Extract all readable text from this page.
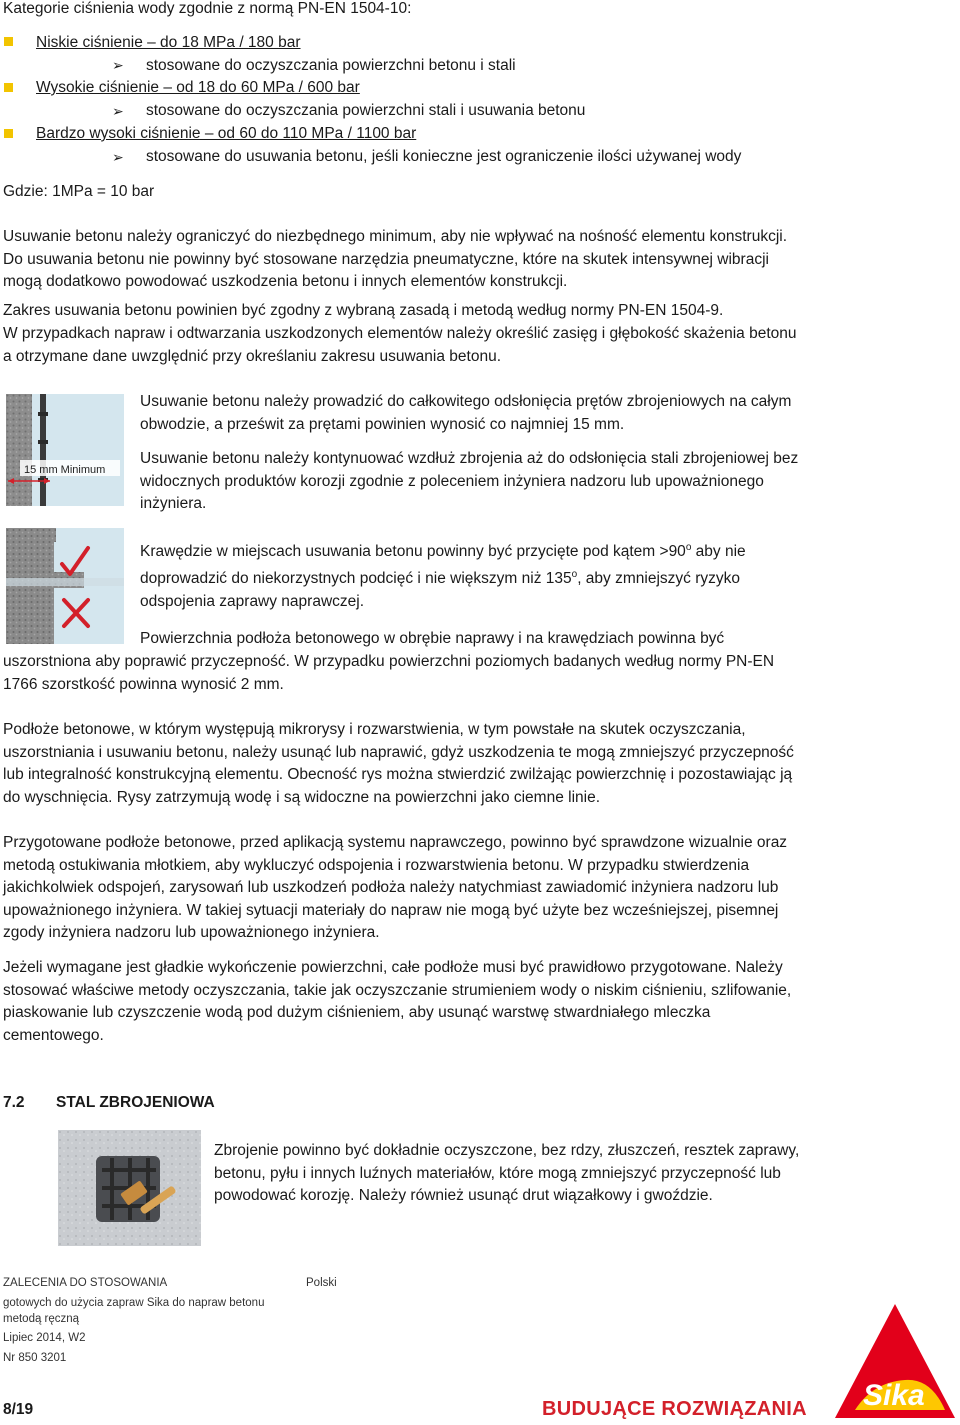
Kategorie ciśnienia wody zgodnie z normą PN-EN 1504-10:
Niskie ciśnienie – do 18 MPa / 180 bar
➢ stosowane do oczyszczania powierzchni betonu i stali
Wysokie ciśnienie – od 18 do 60 MPa / 600 bar
➢ stosowane do oczyszczania powierzchni stali i usuwania betonu
Bardzo wysoki ciśnienie – od 60 do 110 MPa / 1100 bar
➢ stosowane do usuwania betonu, jeśli konieczne jest ograniczenie ilości używanej wody
Gdzie: 1MPa = 10 bar
Usuwanie betonu należy ograniczyć do niezbędnego minimum, aby nie wpływać na nośność elementu konstrukcji.
Do usuwania betonu nie powinny być stosowane narzędzia pneumatyczne, które na skutek intensywnej wibracji
mogą dodatkowo powodować uszkodzenia betonu i innych elementów konstrukcji.
Zakres usuwania betonu powinien być zgodny z wybraną zasadą i metodą według normy PN-EN 1504-9.
W przypadkach napraw i odtwarzania uszkodzonych elementów należy określić zasięg i głębokość skażenia betonu
a otrzymane dane uwzględnić przy określaniu zakresu usuwania betonu.
15 mm Minimum
Usuwanie betonu należy prowadzić do całkowitego odsłonięcia prętów zbrojeniowych na całym
obwodzie, a prześwit za prętami powinien wynosić co najmniej 15 mm.
Usuwanie betonu należy kontynuować wzdłuż zbrojenia aż do odsłonięcia stali zbrojeniowej bez
widocznych produktów korozji zgodnie z poleceniem inżyniera nadzoru lub upoważnionego
inżyniera.
Krawędzie w miejscach usuwania betonu powinny być przycięte pod kątem $>90^o$ aby nie
doprowadzić do niekorzystnych podcięć i nie większym niż 135$^o$, aby zmniejszyć ryzyko
odspojenia zaprawy naprawczej.
Powierzchnia podłoża betonowego w obrębie naprawy i na krawędziach powinna być
uszorstniona aby poprawić przyczepność. W przypadku powierzchni poziomych badanych według normy PN-EN
1766 szorstkość powinna wynosić 2 mm.
Podłoże betonowe, w którym występują mikrorysy i rozwarstwienia, w tym powstałe na skutek oczyszczania,
uszorstniania i usuwaniu betonu, należy usunąć lub naprawić, gdyż uszkodzenia te mogą zmniejszyć przyczepność
lub integralność konstrukcyjną elementu. Obecność rys można stwierdzić zwilżając powierzchnię i pozostawiając ją
do wyschnięcia. Rysy zatrzymują wodę i są widoczne na powierzchni jako ciemne linie.
Przygotowane podłoże betonowe, przed aplikacją systemu naprawczego, powinno być sprawdzone wizualnie oraz
metodą ostukiwania młotkiem, aby wykluczyć odspojenia i rozwarstwienia betonu. W przypadku stwierdzenia
jakichkolwiek odspojeń, zarysowań lub uszkodzeń podłoża należy natychmiast zawiadomić inżyniera nadzoru lub
upoważnionego inżyniera. W takiej sytuacji materiały do napraw nie mogą być użyte bez wcześniejszej, pisemnej
zgody inżyniera nadzoru lub upoważnionego inżyniera.
Jeżeli wymagane jest gładkie wykończenie powierzchni, całe podłoże musi być prawidłowo przygotowane. Należy
stosować właściwe metody oczyszczania, takie jak oczyszczanie strumieniem wody o niskim ciśnieniu, szlifowanie,
piaskowanie lub czyszczenie wodą pod dużym ciśnieniem, aby usunąć warstwę stwardniałego mleczka
cementowego.
7.2 STAL ZBROJENIOWA
Zbrojenie powinno być dokładnie oczyszczone, bez rdzy, złuszczeń, resztek zaprawy,
betonu, pyłu i innych luźnych materiałów, które mogą zmniejszyć przyczepność lub
powodować korozję. Należy również usunąć drut wiązałkowy i gwoździe.
ZALECENIA DO STOSOWANIA	Polski
gotowych do użycia zapraw Sika do napraw betonu
metodą ręczną
Lipiec 2014, W2
Nr 850 3201
8/19	BUDUJĄCE ROZWIĄZANIA Sika
